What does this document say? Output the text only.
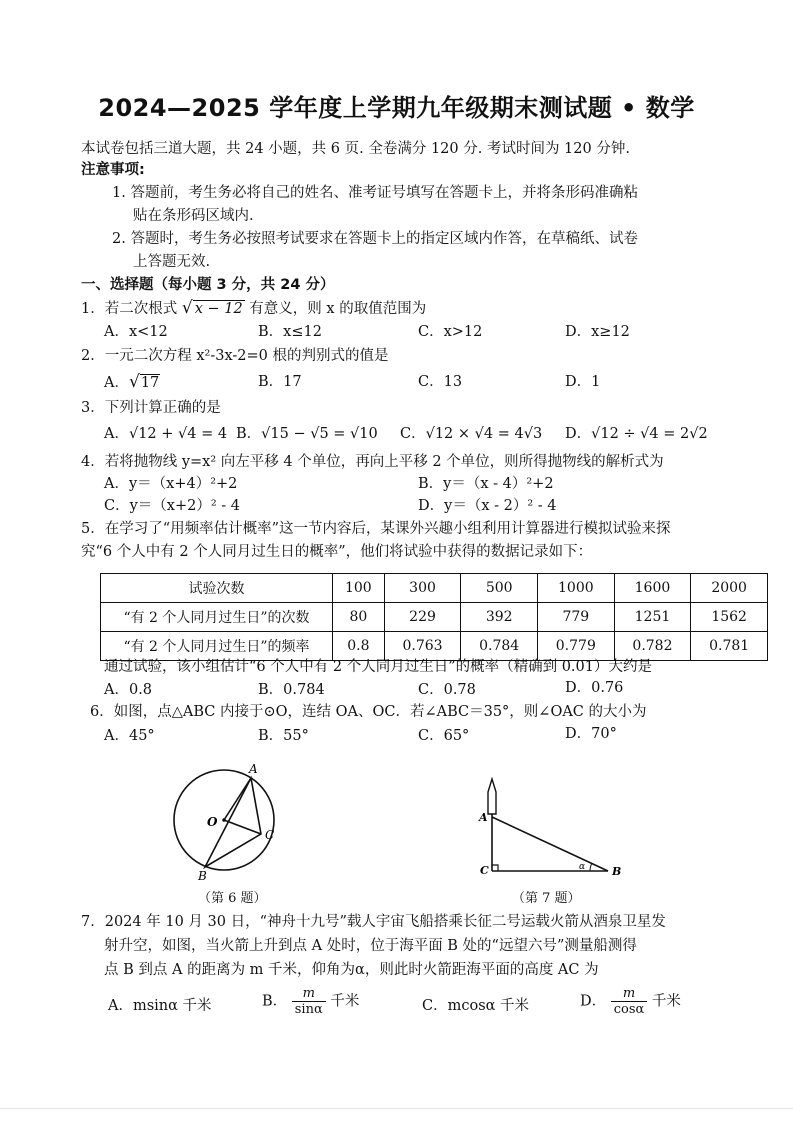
2024—2025 学年度上学期九年级期末测试题 • 数学
本试卷包括三道大题，共 24 小题，共 6 页. 全卷满分 120 分. 考试时间为 120 分钟.
注意事项:
1. 答题前，考生务必将自己的姓名、准考证号填写在答题卡上，并将条形码准确粘
贴在条形码区域内.
2. 答题时，考生务必按照考试要求在答题卡上的指定区域内作答，在草稿纸、试卷
上答题无效.
一、选择题（每小题 3 分，共 24 分）
1．若二次根式 √ x − 12 有意义，则 x 的取值范围为
A．x<12	B．x≤12	C．x>12	D．x≥12
2．一元二次方程 x²-3x-2=0 根的判别式的值是
A．√17	B．17	C．13	D．1
3．下列计算正确的是
A．√12 + √4 = 4 B．√15 − √5 = √10 C．√12 × √4 = 4√3 D．√12 ÷ √4 = 2√2
4．若将抛物线 y=x² 向左平移 4 个单位，再向上平移 2 个单位，则所得抛物线的解析式为
A．y＝（x+4）²+2	B．y＝（x - 4）²+2
C．y＝（x+2）² - 4	D．y＝（x - 2）² - 4
5．在学习了“用频率估计概率”这一节内容后，某课外兴趣小组利用计算器进行模拟试验来探
究“6 个人中有 2 个人同月过生日的概率”，他们将试验中获得的数据记录如下：
试验次数	100	300	500	1000	1600	2000
“有 2 个人同月过生日”的次数	80	229	392	779	1251	1562
“有 2 个人同月过生日”的频率	0.8	0.763	0.784	0.779	0.782	0.781
通过试验，该小组估计“6 个人中有 2 个人同月过生日”的概率（精确到 0.01）大约是
A．0.8	B．0.784	C．0.78	D．0.76
6．如图，点△ABC 内接于⊙O，连结 OA、OC．若∠ABC＝35°，则∠OAC 的大小为
A．45°	B．55°	C．65°	D．70°
A
O
C
B
（第 6 题）
A
C	B
α
（第 7 题）
7．2024 年 10 月 30 日，“神舟十九号”载人宇宙飞船搭乘长征二号运载火箭从酒泉卫星发
射升空，如图，当火箭上升到点 A 处时，位于海平面 B 处的“远望六号”测量船测得
点 B 到点 A 的距离为 m 千米，仰角为α，则此时火箭距海平面的高度 AC 为
A．msinα 千米	B． $\frac{m}{\sin\alpha}$ 千米	C．mcosα 千米	D． $\frac{m}{\cos\alpha}$ 千米
